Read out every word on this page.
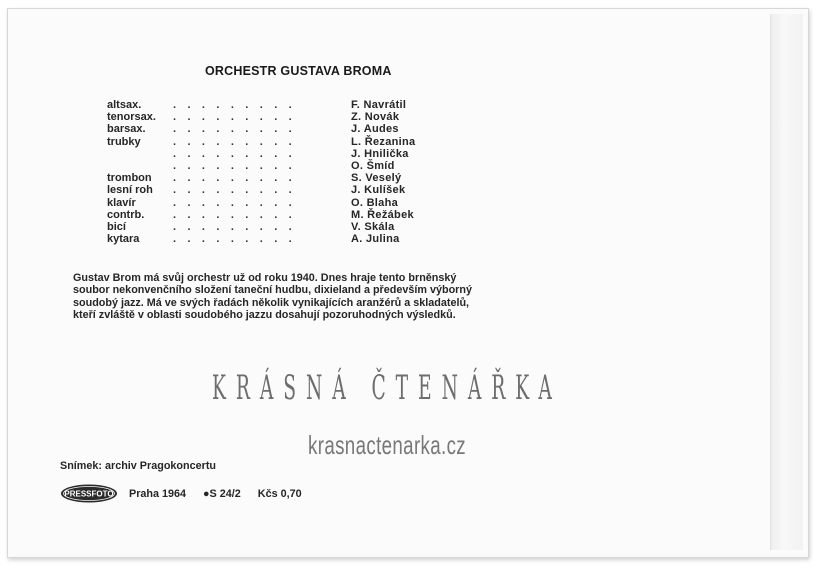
ORCHESTR GUSTAVA BROMA
altsax.	.........	F. Navrátil
tenorsax. .........	Z. Novák
barsax. .........	J. Audes
trubky	.........	L. Řezanina
.........	J. Hnilička
.........	O. Šmíd
trombon .........	S. Veselý
lesní roh .........	J. Kulíšek
klavír	.........	O. Blaha
contrb.	.........	M. Řežábek
bicí	.........	V. Skála
kytara	.........	A. Julina
Gustav Brom má svůj orchestr už od roku 1940. Dnes hraje tento brněnský
soubor nekonvenčního složení taneční hudbu, dixieland a především výborný
soudobý jazz. Má ve svých řadách několik vynikajících aranžérů a skladatelů,
kteří zvláště v oblasti soudobého jazzu dosahují pozoruhodných výsledků.
KRÁSNÁ ČTENÁŘKA
krasnactenarka.cz
Snímek: archiv Pragokoncertu
PRESSFOTO Praha 1964 ●S 24/2 Kčs 0,70
